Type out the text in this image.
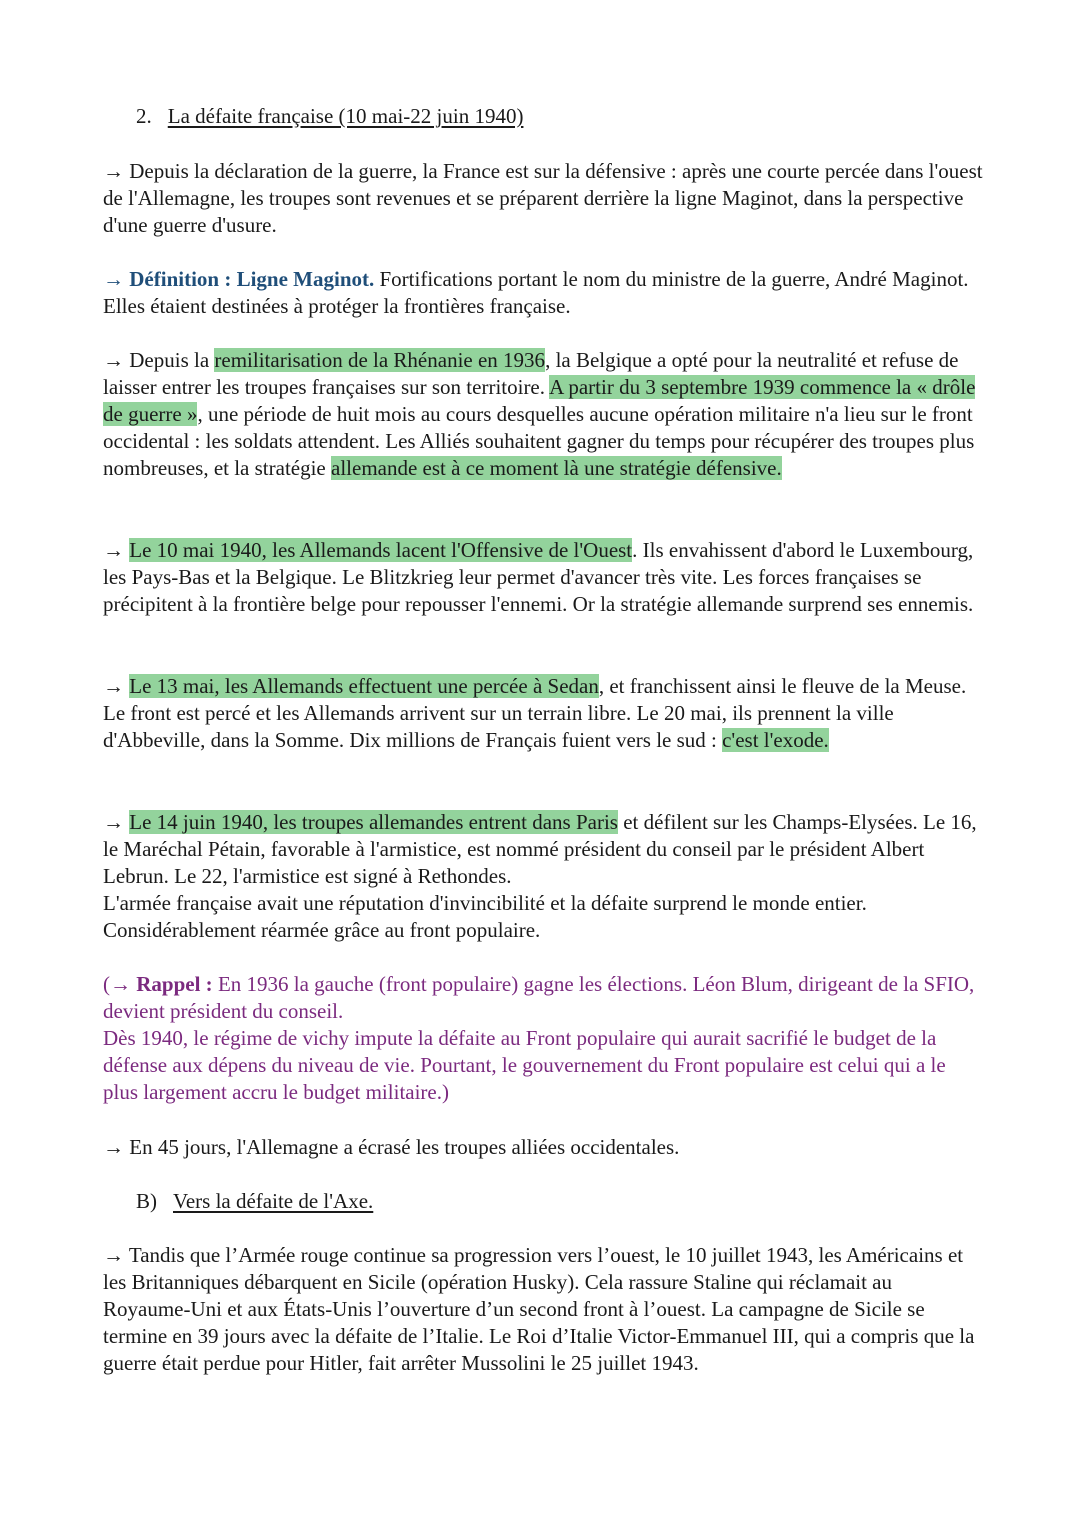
2. La défaite française (10 mai-22 juin 1940)

→ Depuis la déclaration de la guerre, la France est sur la défensive : après une courte percée dans l'ouest de l'Allemagne, les troupes sont revenues et se préparent derrière la ligne Maginot, dans la perspective d'une guerre d'usure.

→ Définition : Ligne Maginot. Fortifications portant le nom du ministre de la guerre, André Maginot. Elles étaient destinées à protéger la frontières française.

→ Depuis la remilitarisation de la Rhénanie en 1936, la Belgique a opté pour la neutralité et refuse de laisser entrer les troupes françaises sur son territoire. A partir du 3 septembre 1939 commence la « drôle de guerre », une période de huit mois au cours desquelles aucune opération militaire n'a lieu sur le front occidental : les soldats attendent. Les Alliés souhaitent gagner du temps pour récupérer des troupes plus nombreuses, et la stratégie allemande est à ce moment là une stratégie défensive.

→ Le 10 mai 1940, les Allemands lacent l'Offensive de l'Ouest. Ils envahissent d'abord le Luxembourg, les Pays-Bas et la Belgique. Le Blitzkrieg leur permet d'avancer très vite. Les forces françaises se précipitent à la frontière belge pour repousser l'ennemi. Or la stratégie allemande surprend ses ennemis.

→ Le 13 mai, les Allemands effectuent une percée à Sedan, et franchissent ainsi le fleuve de la Meuse. Le front est percé et les Allemands arrivent sur un terrain libre. Le 20 mai, ils prennent la ville d'Abbeville, dans la Somme. Dix millions de Français fuient vers le sud : c'est l'exode.

→ Le 14 juin 1940, les troupes allemandes entrent dans Paris et défilent sur les Champs-Elysées. Le 16, le Maréchal Pétain, favorable à l'armistice, est nommé président du conseil par le président Albert Lebrun. Le 22, l'armistice est signé à Rethondes.
L'armée française avait une réputation d'invincibilité et la défaite surprend le monde entier. Considérablement réarmée grâce au front populaire.

(→ Rappel : En 1936 la gauche (front populaire) gagne les élections. Léon Blum, dirigeant de la SFIO, devient président du conseil.
Dès 1940, le régime de vichy impute la défaite au Front populaire qui aurait sacrifié le budget de la défense aux dépens du niveau de vie. Pourtant, le gouvernement du Front populaire est celui qui a le plus largement accru le budget militaire.)

→ En 45 jours, l'Allemagne a écrasé les troupes alliées occidentales.

B) Vers la défaite de l'Axe.

→ Tandis que l’Armée rouge continue sa progression vers l’ouest, le 10 juillet 1943, les Américains et les Britanniques débarquent en Sicile (opération Husky). Cela rassure Staline qui réclamait au Royaume-Uni et aux États-Unis l’ouverture d’un second front à l’ouest. La campagne de Sicile se termine en 39 jours avec la défaite de l’Italie. Le Roi d’Italie Victor-Emmanuel III, qui a compris que la guerre était perdue pour Hitler, fait arrêter Mussolini le 25 juillet 1943.
